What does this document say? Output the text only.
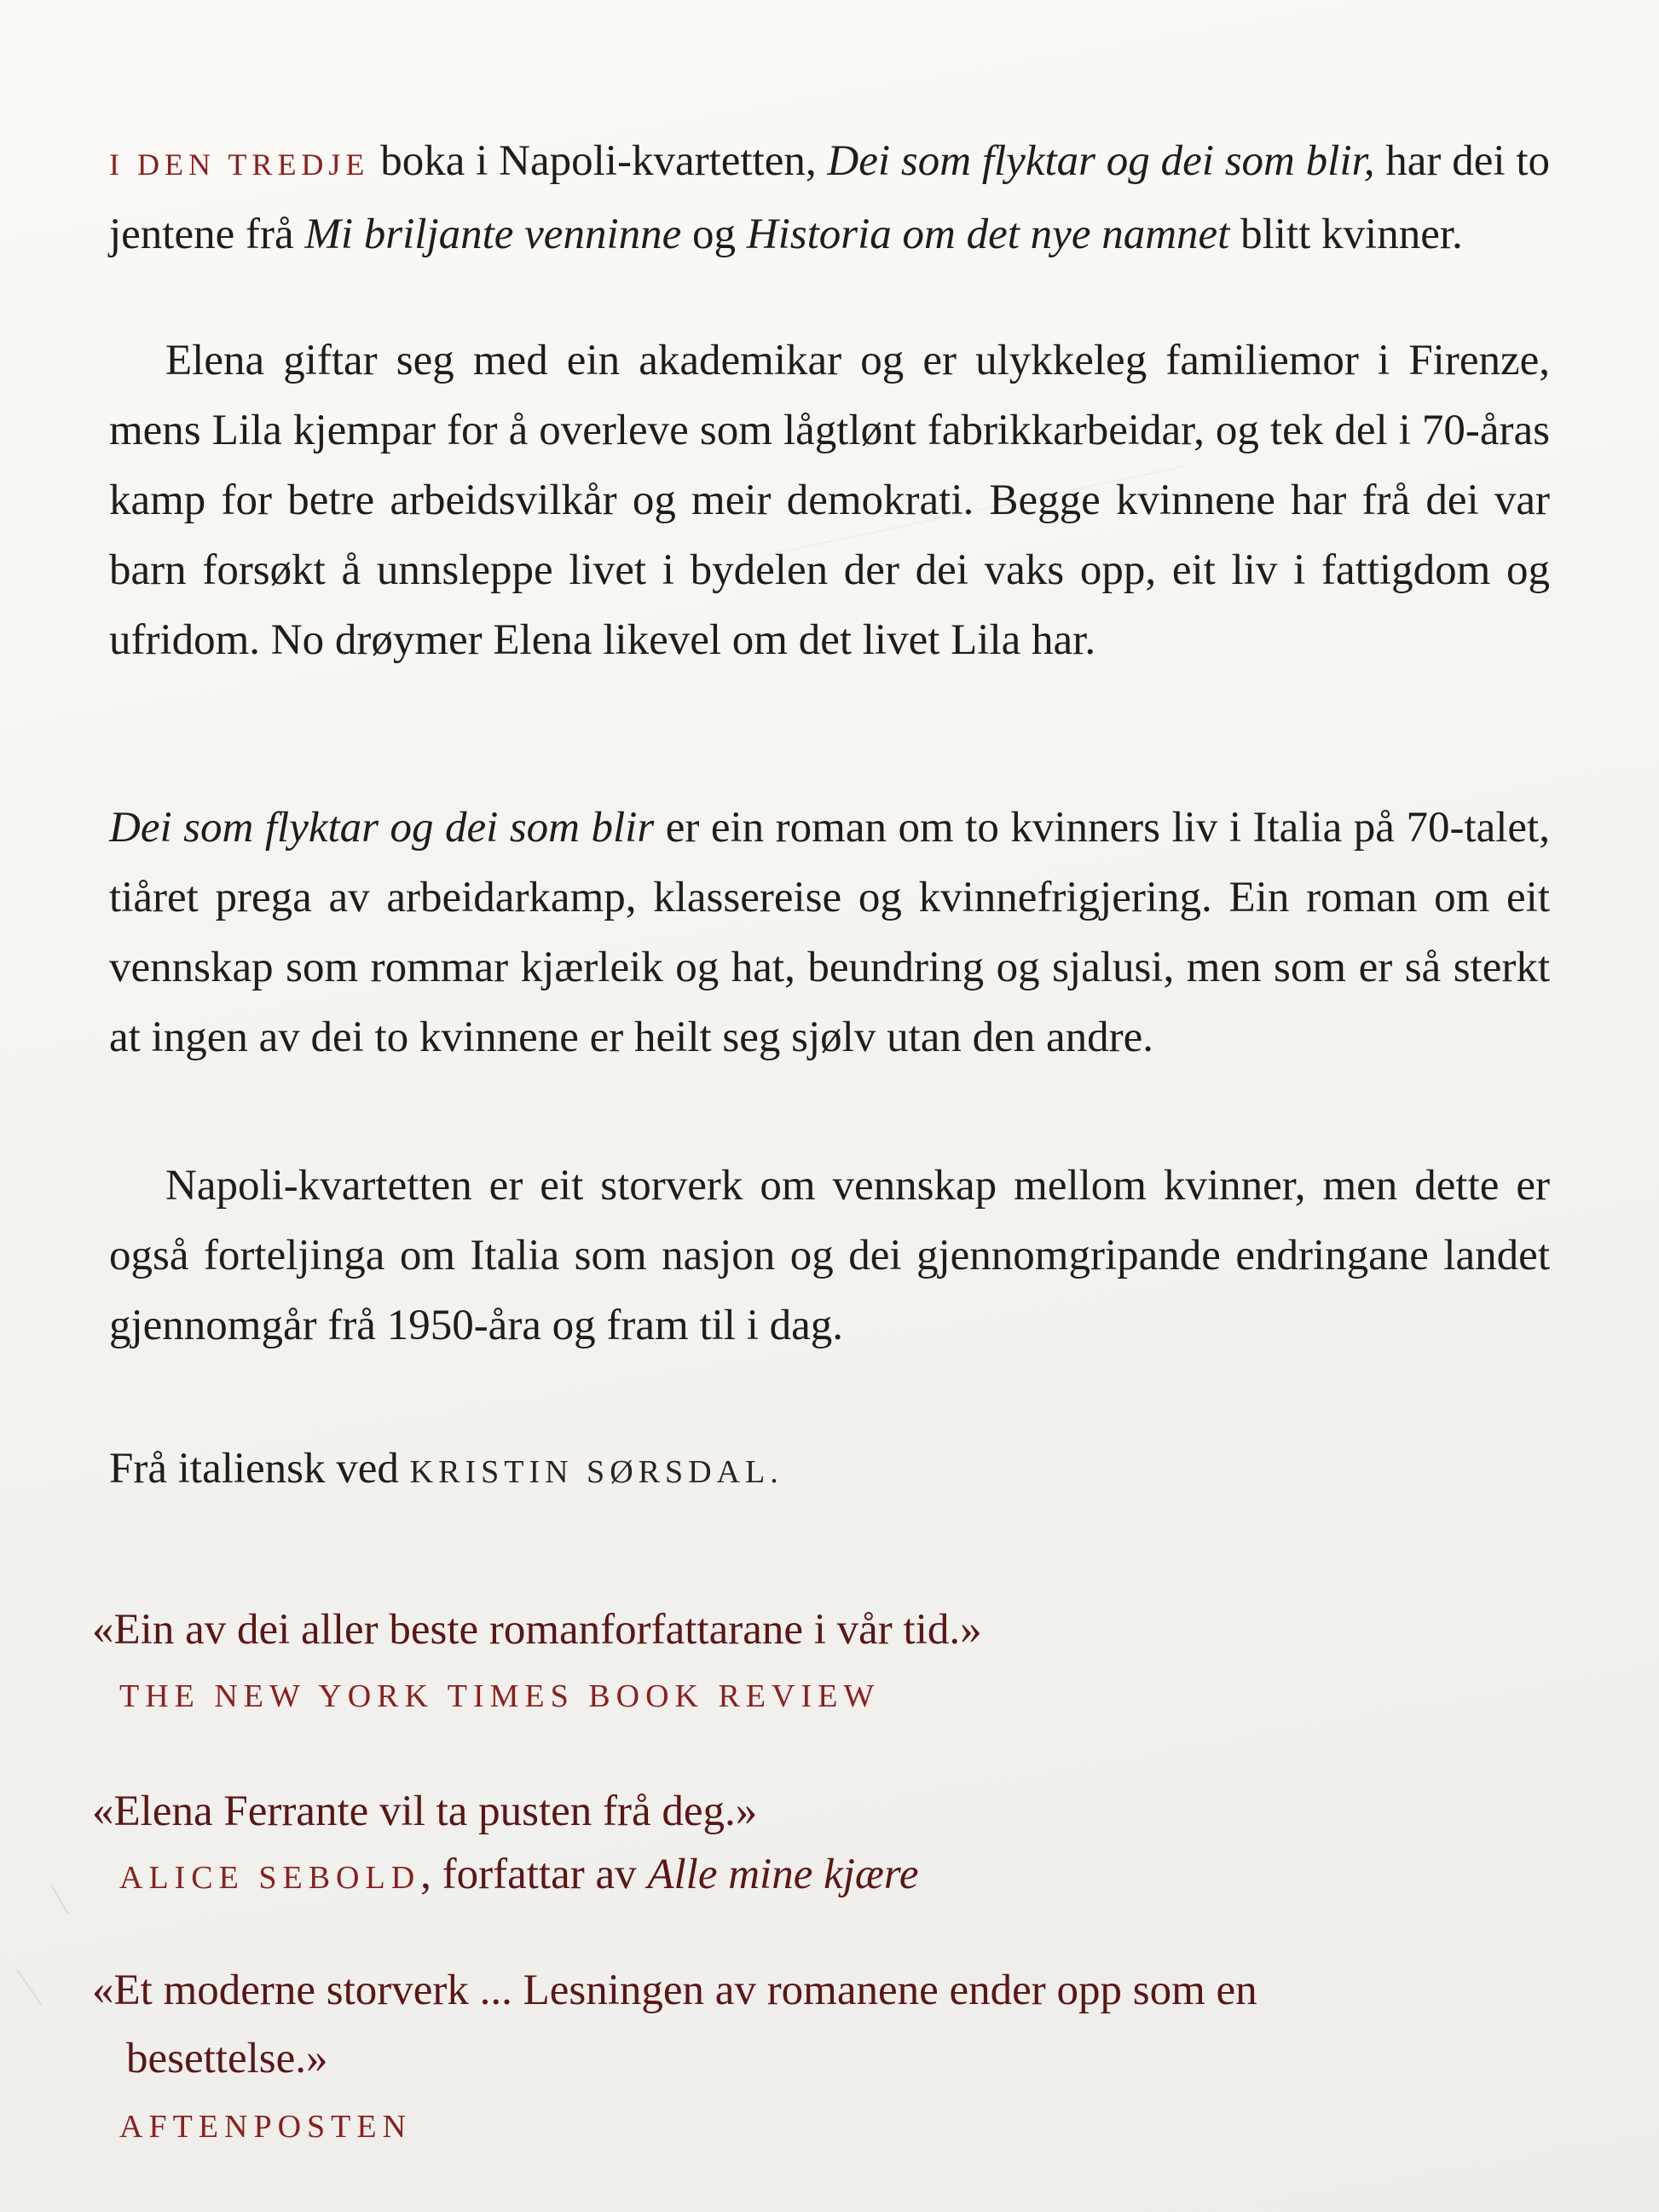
I DEN TREDJE boka i Napoli-kvartetten, Dei som flyktar og dei som blir, har dei to jentene frå Mi briljante venninne og Historia om det nye namnet blitt kvinner.

Elena giftar seg med ein akademikar og er ulykkeleg familiemor i Firenze, mens Lila kjempar for å overleve som lågtlønt fabrikkarbeidar, og tek del i 70-åras kamp for betre arbeidsvilkår og meir demokrati. Begge kvinnene har frå dei var barn forsøkt å unnsleppe livet i bydelen der dei vaks opp, eit liv i fattigdom og ufridom. No drøymer Elena likevel om det livet Lila har.

Dei som flyktar og dei som blir er ein roman om to kvinners liv i Italia på 70-talet, tiåret prega av arbeidarkamp, klassereise og kvinnefrigjering. Ein roman om eit vennskap som rommar kjærleik og hat, beundring og sjalusi, men som er så sterkt at ingen av dei to kvinnene er heilt seg sjølv utan den andre.

Napoli-kvartetten er eit storverk om vennskap mellom kvinner, men dette er også forteljinga om Italia som nasjon og dei gjennomgripande endringane landet gjennomgår frå 1950-åra og fram til i dag.

Frå italiensk ved KRISTIN SØRSDAL.

«Ein av dei aller beste romanforfattarane i vår tid.»

THE NEW YORK TIMES BOOK REVIEW

«Elena Ferrante vil ta pusten frå deg.»

ALICE SEBOLD, forfattar av Alle mine kjære

«Et moderne storverk ... Lesningen av romanene ender opp som en
besettelse.»

AFTENPOSTEN
